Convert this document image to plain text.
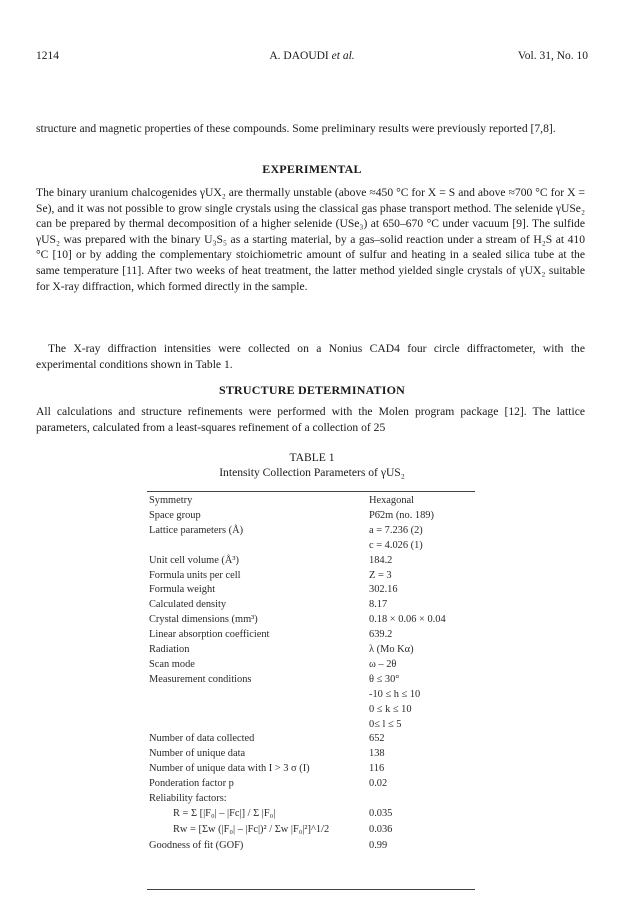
1214	A. DAOUDI et al.	Vol. 31, No. 10

structure and magnetic properties of these compounds. Some preliminary results were previously reported [7,8].

EXPERIMENTAL

The binary uranium chalcogenides γUX₂ are thermally unstable (above ≈450 °C for X = S and above ≈700 °C for X = Se), and it was not possible to grow single crystals using the classical gas phase transport method. The selenide γUSe₂ can be prepared by thermal decomposition of a higher selenide (USe₃) at 650–670 °C under vacuum [9]. The sulfide γUS₂ was prepared with the binary U₃S₅ as a starting material, by a gas–solid reaction under a stream of H₂S at 410 °C [10] or by adding the complementary stoichiometric amount of sulfur and heating in a sealed silica tube at the same temperature [11]. After two weeks of heat treatment, the latter method yielded single crystals of γUX₂ suitable for X-ray diffraction, which formed directly in the sample.

The X-ray diffraction intensities were collected on a Nonius CAD4 four circle diffractometer, with the experimental conditions shown in Table 1.

STRUCTURE DETERMINATION

All calculations and structure refinements were performed with the Molen program package [12]. The lattice parameters, calculated from a least-squares refinement of a collection of 25

TABLE 1
Intensity Collection Parameters of γUS₂
Symmetry	Hexagonal
Space group	P6̄2m (no. 189)
Lattice parameters (Å)	a = 7.236 (2)
c = 4.026 (1)
Unit cell volume (Å³)	184.2
Formula units per cell	Z = 3
Formula weight	302.16
Calculated density	8.17
Crystal dimensions (mm³)	0.18 × 0.06 × 0.04
Linear absorption coefficient	639.2
Radiation	λ (Mo Kα)
Scan mode	ω – 2θ
Measurement conditions	θ ≤ 30°
-10 ≤ h ≤ 10
0 ≤ k ≤ 10
0≤ l ≤ 5
Number of data collected	652
Number of unique data	138
Number of unique data with I > 3 σ (I)	116
Ponderation factor p	0.02
Reliability factors:
R = Σ [|F₀| – |Fc|] / Σ |F₀|	0.035
Rw = [Σw (|F₀| – |Fc|)² / Σw |F₀|²]^1/2	0.036
Goodness of fit (GOF)	0.99
